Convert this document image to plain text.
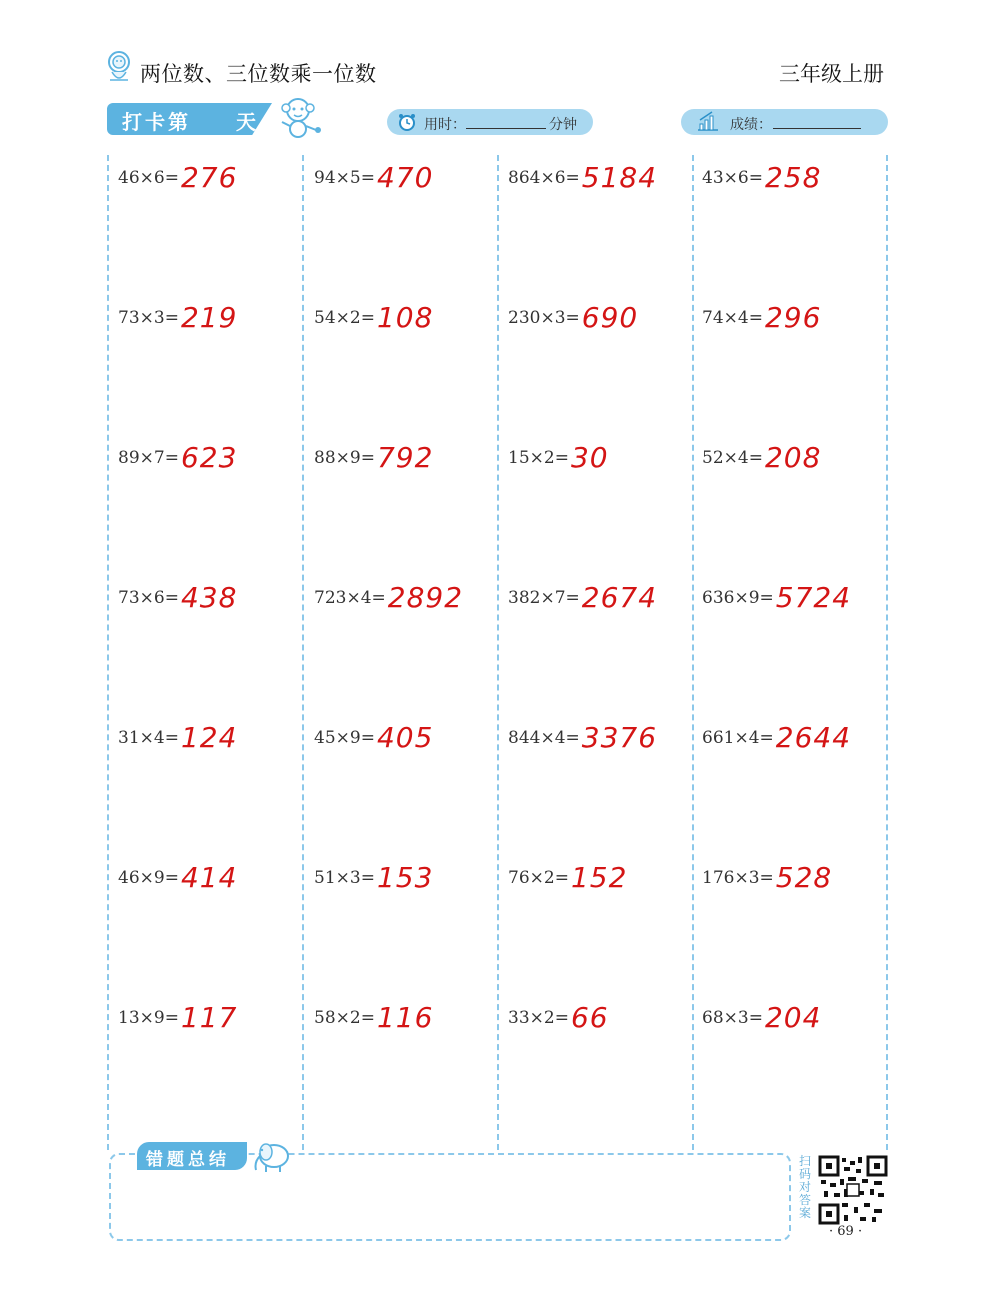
两位数、三位数乘一位数	三年级上册
打卡第 天	用时：	分钟	成绩：
46×6= 276
73×3= 219
89×7= 623
73×6= 438
31×4= 124
46×9= 414
13×9= 117
94×5= 470
54×2= 108
88×9= 792
723×4= 2892
45×9= 405
51×3= 153
58×2= 116
864×6= 5184
230×3= 690
15×2= 30
382×7= 2674
844×4= 3376
76×2= 152
33×2= 66
43×6= 258
74×4= 296
52×4= 208
636×9= 5724
661×4= 2644
176×3= 528
68×3= 204
错题总结	扫码对答案
· 69 ·
